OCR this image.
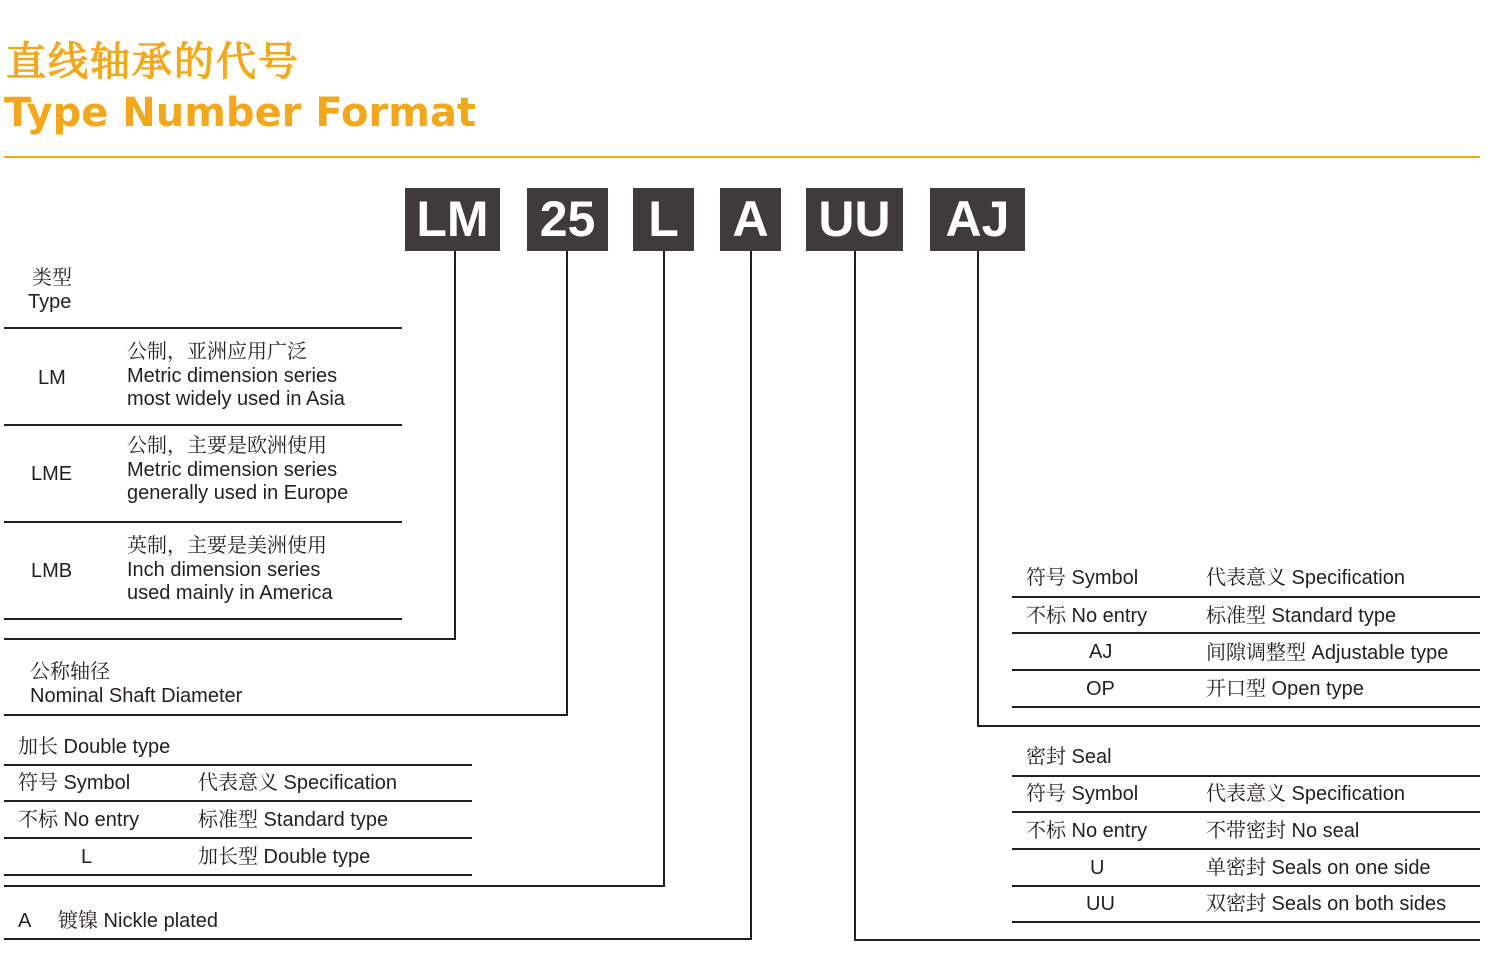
直线轴承的代号
Type Number Format
LM 25	L	A UU	AJ
类型
Type
LM
公制，亚洲应用广泛
Metric dimension series
most widely used in Asia
LME
公制，主要是欧洲使用
Metric dimension series
generally used in Europe
LMB
英制，主要是美洲使用
Inch dimension series
used mainly in America
公称轴径
Nominal Shaft Diameter
加长 Double type
符号 Symbol	代表意义 Specification
不标 No entry	标准型 Standard type
L	加长型 Double type
A 镀镍 Nickle plated
符号 Symbol	代表意义 Specification
不标 No entry	标准型 Standard type
AJ	间隙调整型 Adjustable type
OP	开口型 Open type
密封 Seal
符号 Symbol	代表意义 Specification
不标 No entry	不带密封 No seal
U	单密封 Seals on one side
UU	双密封 Seals on both sides
